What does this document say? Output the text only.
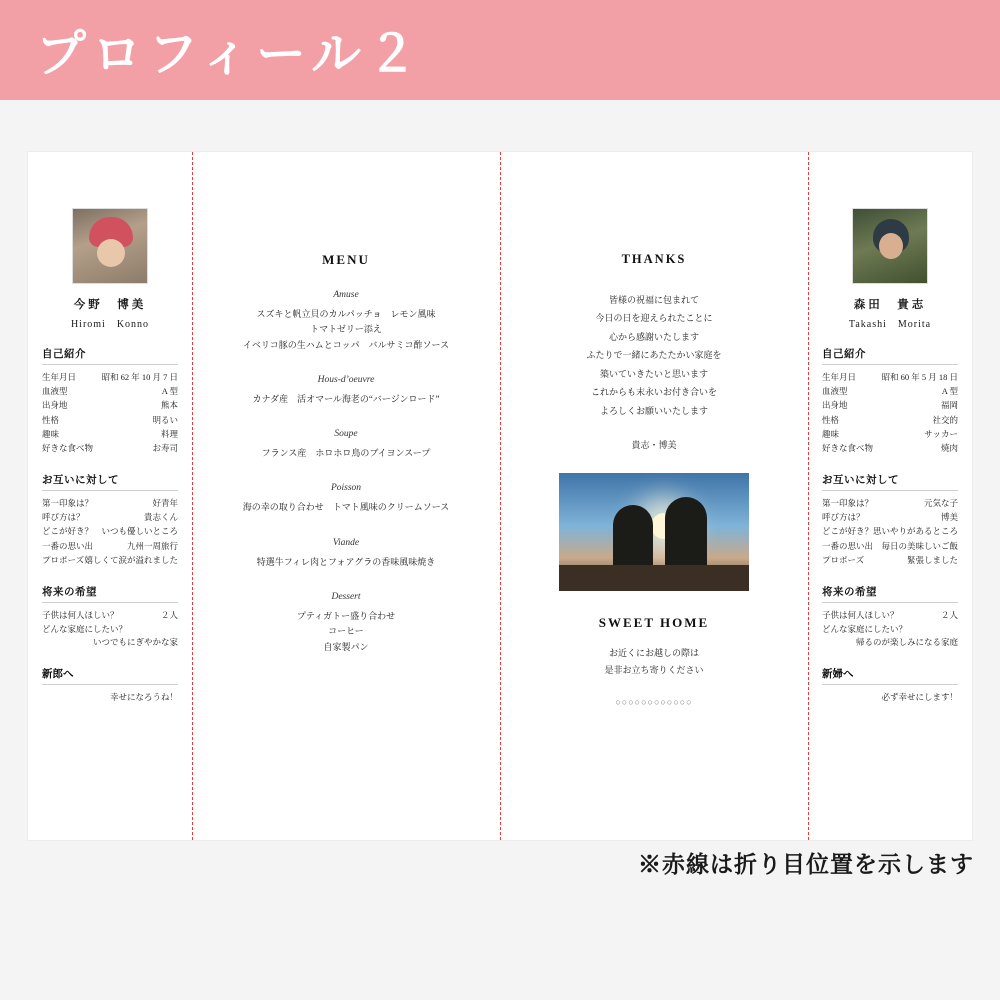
プロフィール２
今野　博美
Hiromi　Konno
自己紹介
生年月日	昭和 62 年 10 月 7 日
血液型	A 型
出身地	熊本
性格	明るい
趣味	料理
好きな食べ物	お寿司
お互いに対して
第一印象は？	好青年
呼び方は？	貴志くん
どこが好き？ いつも優しいところ
一番の思い出	九州一周旅行
プロポーズ 嬉しくて涙が溢れました
将来の希望
子供は何人ほしい？	２人
どんな家庭にしたい？
いつでもにぎやかな家
新郎へ
幸せになろうね！
MENU
Amuse
スズキと帆立貝のカルパッチョ　レモン風味
トマトゼリー添え
イベリコ豚の生ハムとコッパ　バルサミコ酢ソース
Hous-d’oeuvre
カナダ産　活オマール海老の“バージンロード”
Soupe
フランス産　ホロホロ鳥のブイヨンスープ
Poisson
海の幸の取り合わせ　トマト風味のクリームソース
Viande
特選牛フィレ肉とフォアグラの香味風味焼き
Dessert
プティガトー盛り合わせ
コーヒー
自家製パン
THANKS
皆様の祝福に包まれて
今日の日を迎えられたことに
心から感謝いたします
ふたりで一緒にあたたかい家庭を
築いていきたいと思います
これからも末永いお付き合いを
よろしくお願いいたします
貴志・博美
SWEET HOME
お近くにお越しの際は
是非お立ち寄りください
○○○○○○○○○○○○
森田　貴志
Takashi　Morita
自己紹介
生年月日	昭和 60 年 5 月 18 日
血液型	A 型
出身地	福岡
性格	社交的
趣味	サッカー
好きな食べ物	焼肉
お互いに対して
第一印象は？	元気な子
呼び方は？	博美
どこが好き？ 思いやりがあるところ
一番の思い出 毎日の美味しいご飯
プロポーズ	緊張しました
将来の希望
子供は何人ほしい？	２人
どんな家庭にしたい？
帰るのが楽しみになる家庭
新婦へ
必ず幸せにします！
※赤線は折り目位置を示します
